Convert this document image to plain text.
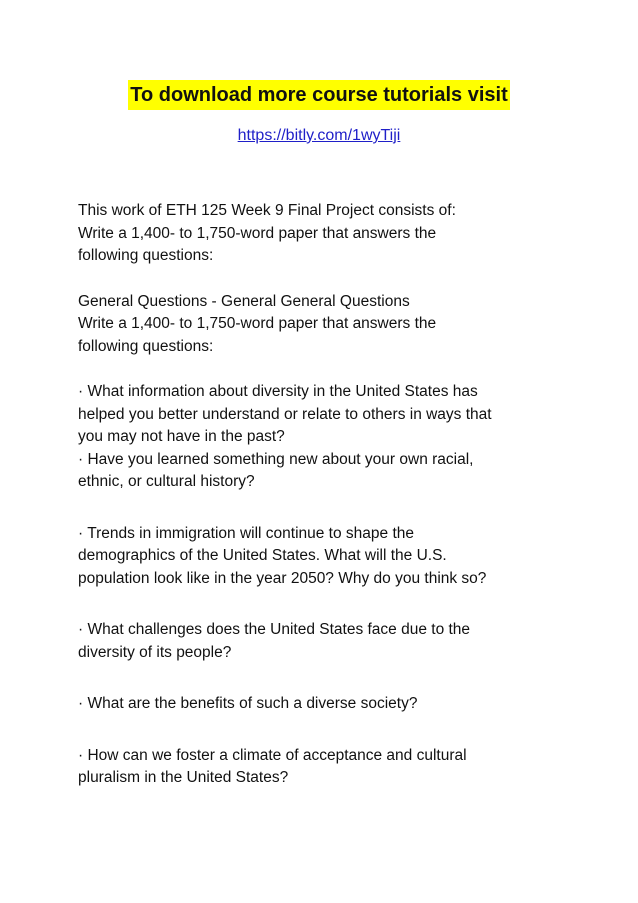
To download more course tutorials visit
https://bitly.com/1wyTiji
This work of ETH 125 Week 9 Final Project consists of:
Write a 1,400- to 1,750-word paper that answers the
following questions:
General Questions - General General Questions
Write a 1,400- to 1,750-word paper that answers the
following questions:
· What information about diversity in the United States has
helped you better understand or relate to others in ways that
you may not have in the past?
· Have you learned something new about your own racial,
ethnic, or cultural history?
· Trends in immigration will continue to shape the
demographics of the United States. What will the U.S.
population look like in the year 2050? Why do you think so?
· What challenges does the United States face due to the
diversity of its people?
· What are the benefits of such a diverse society?
· How can we foster a climate of acceptance and cultural
pluralism in the United States?
